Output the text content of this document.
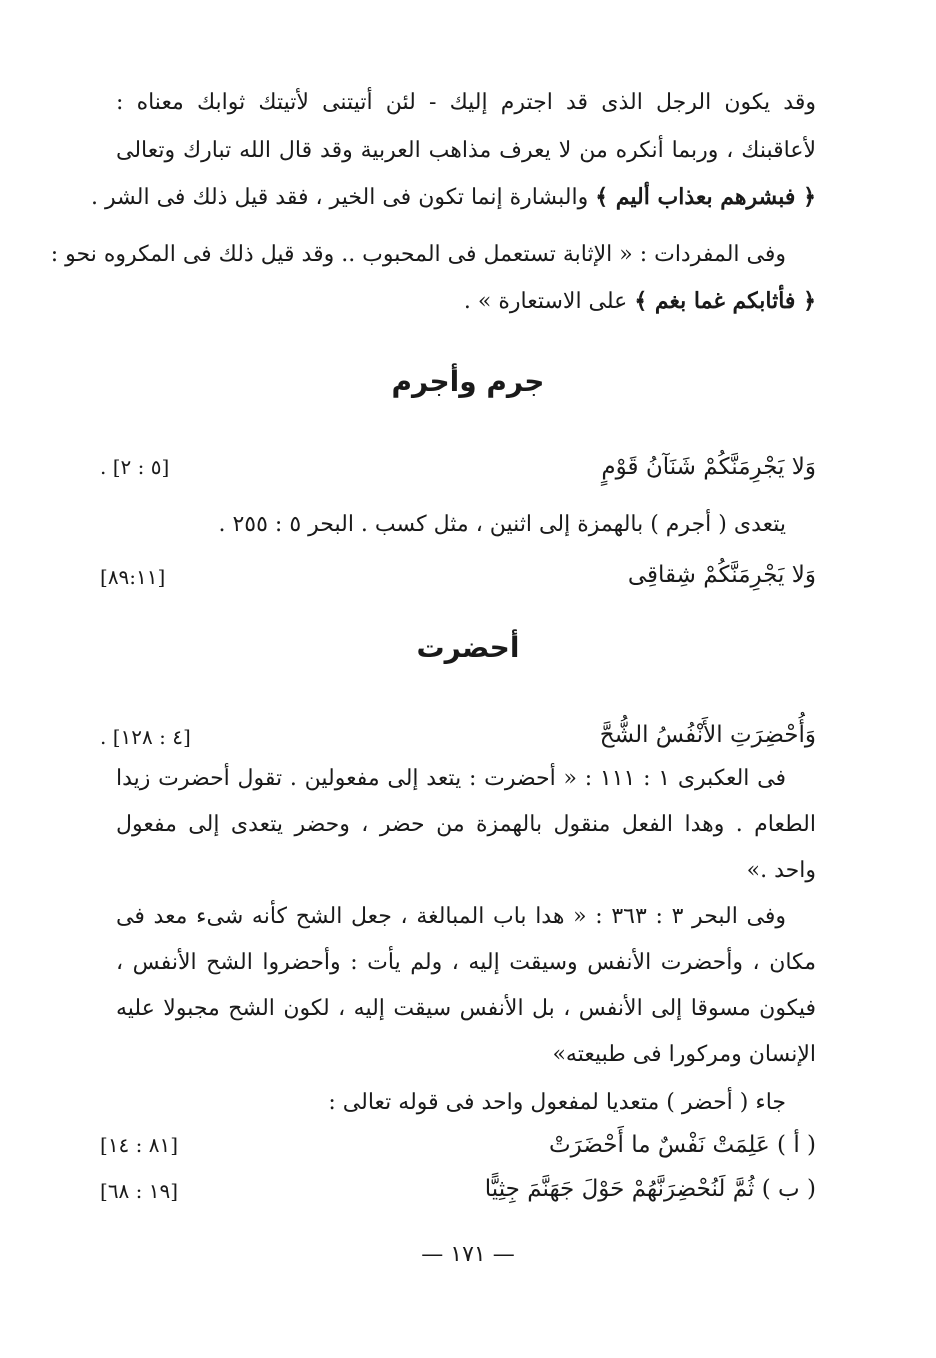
وقد يكون الرجل الذى قد اجترم إليك - لئن أتيتنى لأتيتك ثوابك معناه :
لأعاقبنك ، وربما أنكره من لا يعرف مذاهب العربية وقد قال الله تبارك وتعالى
﴿ فبشرهم بعذاب أليم ﴾ والبشارة إنما تكون فى الخير ، فقد قيل ذلك فى الشر .
وفى المفردات : « الإثابة تستعمل فى المحبوب .. وقد قيل ذلك فى المكروه نحو :
﴿ فأثابكم غما بغم ﴾ على الاستعارة » .
جرم وأجرم
وَلا يَجْرِمَنَّكُمْ شَنَآنُ قَوْمٍ
. [٥ : ٢]
يتعدى ( أجرم ) بالهمزة إلى اثنين ، مثل كسب . البحر ٥ : ٢٥٥ .
وَلا يَجْرِمَنَّكُمْ شِقاقِى
[٨٩:١١]
أحضرت
وَأُحْضِرَتِ الأَنْفُسُ الشُّحَّ
. [٤ : ١٢٨]
فى العكبرى ١ : ١١١ : « أحضرت : يتعد إلى مفعولين . تقول أحضرت زيدا
الطعام . وهدا الفعل منقول بالهمزة من حضر ، وحضر يتعدى إلى مفعول
واحد .»
وفى البحر ٣ : ٣٦٣ : « هدا باب المبالغة ، جعل الشح كأنه شىء معد فى
مكان ، وأحضرت الأنفس وسيقت إليه ، ولم يأت : وأحضروا الشح الأنفس ،
فيكون مسوقا إلى الأنفس ، بل الأنفس سيقت إليه ، لكون الشح مجبولا عليه
الإنسان ومركورا فى طبيعته»
جاء ( أحضر ) متعديا لمفعول واحد فى قوله تعالى :
( أ ) عَلِمَتْ نَفْسٌ ما أَحْضَرَتْ
[٨١ : ١٤]
( ب ) ثُمَّ لَنُحْضِرَنَّهُمْ حَوْلَ جَهَنَّمَ جِثِيًّا
[١٩ : ٦٨]
— ١٧١ —
